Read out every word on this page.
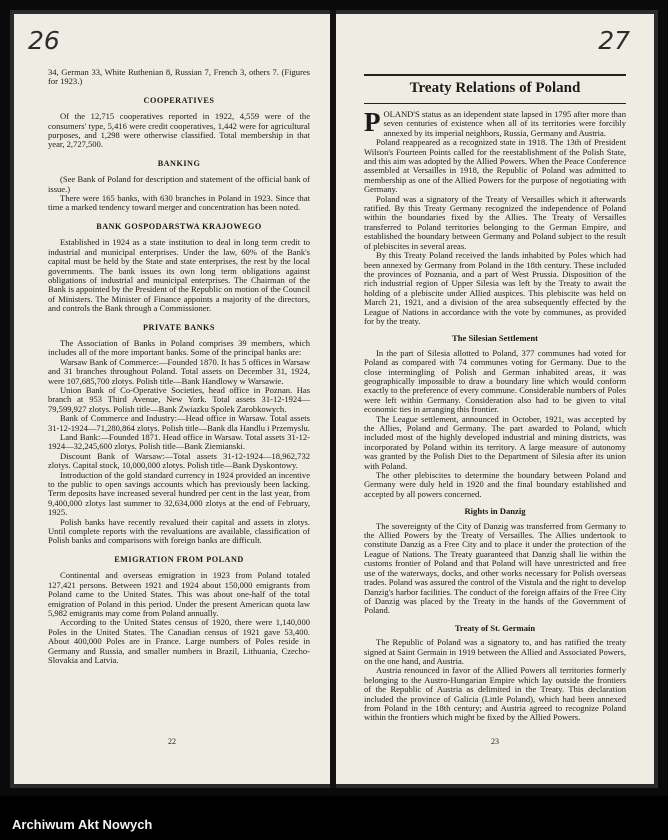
26

34, German 33, White Ruthenian 8, Russian 7, French 3, others 7. (Figures for 1923.)

COOPERATIVES

Of the 12,715 cooperatives reported in 1922, 4,559 were of the consumers' type, 5,416 were credit cooperatives, 1,442 were for agricultural purposes, and 1,298 were otherwise classified. Total membership in that year, 2,727,500.

BANKING

(See Bank of Poland for description and statement of the official bank of issue.)

There were 165 banks, with 630 branches in Poland in 1923. Since that time a marked tendency toward merger and concentration has been noted.

BANK GOSPODARSTWA KRAJOWEGO

Established in 1924 as a state institution to deal in long term credit to industrial and municipal enterprises. Under the law, 60% of the Bank's capital must be held by the State and state enterprises, the rest by the local governments. The bank issues its own long term obligations against obligations of industrial and municipal enterprises. The Chairman of the Bank is appointed by the President of the Republic on motion of the Council of Ministers. The Minister of Finance appoints a majority of the directors, and controls the Bank through a Commissioner.

PRIVATE BANKS

The Association of Banks in Poland comprises 39 members, which includes all of the more important banks. Some of the principal banks are:

Warsaw Bank of Commerce:—Founded 1870. It has 5 offices in Warsaw and 31 branches throughout Poland. Total assets on December 31, 1924, were 107,685,700 zlotys. Polish title—Bank Handlowy w Warsawie.

Union Bank of Co-Operative Societies, head office in Poznan. Has branch at 953 Third Avenue, New York. Total assets 31-12-1924—79,599,927 zlotys. Polish title—Bank Zwiazku Spolek Zarobkowych.

Bank of Commerce and Industry:—Head office in Warsaw. Total assets 31-12-1924—71,280,864 zlotys. Polish title—Bank dla Handlu i Przemyslu.

Land Bank:—Founded 1871. Head office in Warsaw. Total assets 31-12-1924—32,245,600 zlotys. Polish title—Bank Ziemianski.

Discount Bank of Warsaw:—Total assets 31-12-1924—18,962,732 zlotys. Capital stock, 10,000,000 zlotys. Polish title—Bank Dyskontowy.

Introduction of the gold standard currency in 1924 provided an incentive to the public to open savings accounts which has previously been lacking. Term deposits have increased several hundred per cent in the last year, from 9,400,000 zlotys last summer to 32,634,000 zlotys at the end of February, 1925.

Polish banks have recently revalued their capital and assets in zlotys. Until complete reports with the revaluations are available, classification of Polish banks and comparisons with foreign banks are difficult.

EMIGRATION FROM POLAND

Continental and overseas emigration in 1923 from Poland totaled 127,421 persons. Between 1921 and 1924 about 150,000 emigrants from Poland came to the United States. This was about one-half of the total emigration of Poland in this period. Under the present American quota law 5,982 emigrants may come from Poland annually.

According to the United States census of 1920, there were 1,140,000 Poles in the United States. The Canadian census of 1921 gave 53,400. About 400,000 Poles are in France. Large numbers of Poles reside in Germany and Russia, and smaller numbers in Brazil, Lithuania, Czecho-Slovakia and Latvia.

22
27
Treaty Relations of Poland

POLAND'S status as an idependent state lapsed in 1795 after more than seven centuries of existence when all of its territories were forcibly annexed by its imperial neighbors, Russia, Germany and Austria.

Poland reappeared as a recognized state in 1918. The 13th of President Wilson's Fourteen Points called for the reestablishment of the Polish State, and this aim was adopted by the Allied Powers. When the Peace Conference assembled at Versailles in 1918, the Republic of Poland was admitted to membership as one of the Allied Powers for the purpose of negotiating with Germany.

Poland was a signatory of the Treaty of Versailles which it afterwards ratified. By this Treaty Germany recognized the independence of Poland within the boundaries fixed by the Allies. The Treaty of Versailles transferred to Poland territories belonging to the German Empire, and established the boundary between Germany and Poland subject to the result of plebiscites in several areas.

By this Treaty Poland received the lands inhabited by Poles which had been annexed by Germany from Poland in the 18th century. These included the provinces of Poznania, and a part of West Prussia. Disposition of the rich industrial region of Upper Silesia was left by the Treaty to await the holding of a plebiscite under Allied auspices. This plebiscite was held on March 21, 1921, and a division of the area subsequently effected by the League of Nations in accordance with the vote by communes, as provided for by the treaty.

The Silesian Settlement

In the part of Silesia allotted to Poland, 377 communes had voted for Poland as compared with 74 communes voting for Germany. Due to the close intermingling of Polish and German inhabited areas, it was geographically impossible to draw a boundary line which would conform exactly to the preference of every commune. Considerable numbers of Poles were left within Germany. Consideration also had to be given to vital economic ties in arranging this frontier.

The League settlement, announced in October, 1921, was accepted by the Allies, Poland and Germany. The part awarded to Poland, which included most of the highly developed industrial and mining districts, was incorporated by Poland within its territory. A large measure of autonomy was granted by the Polish Diet to the Department of Silesia after its union with Poland.

The other plebiscites to determine the boundary between Poland and Germany were duly held in 1920 and the final boundary established and accepted by all powers concerned.

Rights in Danzig

The sovereignty of the City of Danzig was transferred from Germany to the Allied Powers by the Treaty of Versailles. The Allies undertook to constitute Danzig as a Free City and to place it under the protection of the League of Nations. The Treaty guaranteed that Danzig shall lie within the customs frontier of Poland and that Poland will have unrestricted and free use of the waterways, docks, and other works necessary for Polish overseas trades. Poland was assured the control of the Vistula and the right to develop Danzig's harbor facilities. The conduct of the foreign affairs of the Free City of Danzig was placed by the Treaty in the hands of the Government of Poland.

Treaty of St. Germain

The Republic of Poland was a signatory to, and has ratified the treaty signed at Saint Germain in 1919 between the Allied and Associated Powers, on the one hand, and Austria.

Austria renounced in favor of the Allied Powers all territories formerly belonging to the Austro-Hungarian Empire which lay outside the frontiers of the Republic of Austria as delimited in the Treaty. This declaration included the province of Galicia (Little Poland), which had been annexed from Poland in the 18th century; and Austria agreed to recognize Poland within the frontiers which might be fixed by the Allied Powers.

23
Archiwum Akt Nowych
